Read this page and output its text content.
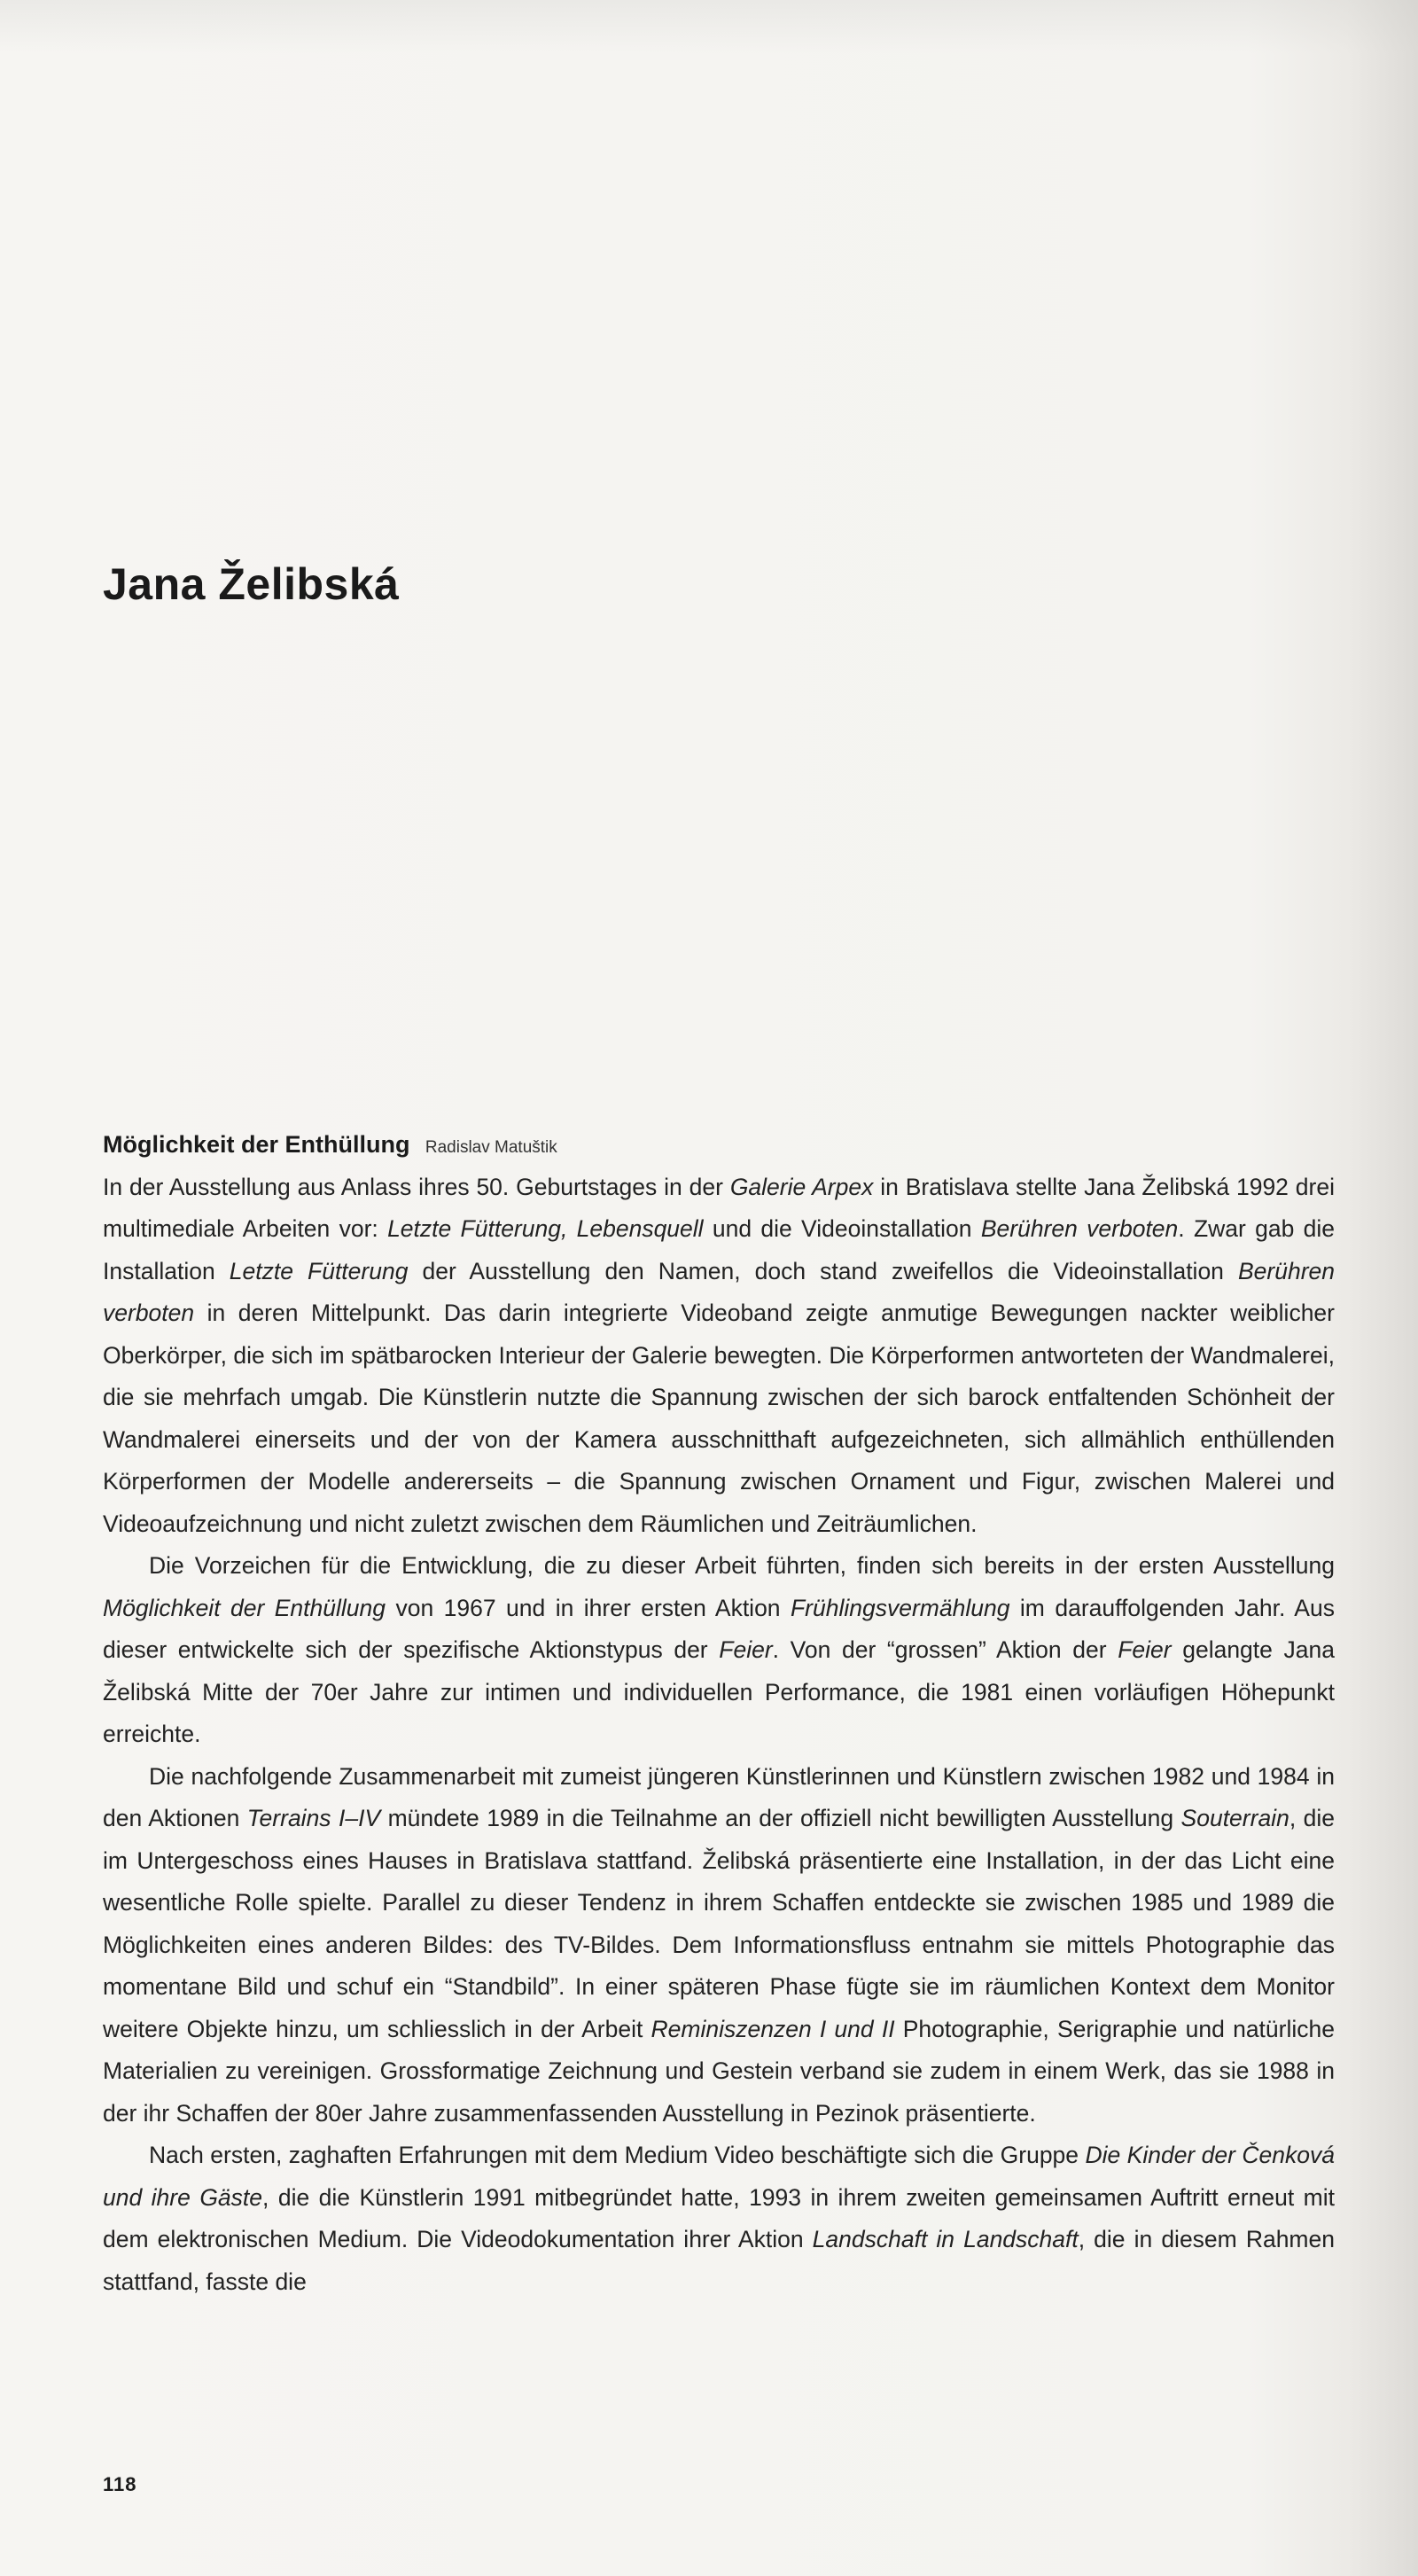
Jana Želibská
Möglichkeit der Enthüllung Radislav Matuštik

In der Ausstellung aus Anlass ihres 50. Geburtstages in der Galerie Arpex in Bratislava stellte Jana Želibská 1992 drei multimediale Arbeiten vor: Letzte Fütterung, Lebensquell und die Videoinstallation Berühren verboten. Zwar gab die Installation Letzte Fütterung der Ausstellung den Namen, doch stand zweifellos die Videoinstallation Berühren verboten in deren Mittelpunkt. Das darin integrierte Videoband zeigte anmutige Bewegungen nackter weiblicher Oberkörper, die sich im spätbarocken Interieur der Galerie bewegten. Die Körperformen antworteten der Wandmalerei, die sie mehrfach umgab. Die Künstlerin nutzte die Spannung zwischen der sich barock entfaltenden Schönheit der Wandmalerei einerseits und der von der Kamera ausschnitthaft aufgezeichneten, sich allmählich enthüllenden Körperformen der Modelle andererseits – die Spannung zwischen Ornament und Figur, zwischen Malerei und Videoaufzeichnung und nicht zuletzt zwischen dem Räumlichen und Zeiträumlichen.

Die Vorzeichen für die Entwicklung, die zu dieser Arbeit führten, finden sich bereits in der ersten Ausstellung Möglichkeit der Enthüllung von 1967 und in ihrer ersten Aktion Frühlingsvermählung im darauffolgenden Jahr. Aus dieser entwickelte sich der spezifische Aktionstypus der Feier. Von der “grossen” Aktion der Feier gelangte Jana Želibská Mitte der 70er Jahre zur intimen und individuellen Performance, die 1981 einen vorläufigen Höhepunkt erreichte.

Die nachfolgende Zusammenarbeit mit zumeist jüngeren Künstlerinnen und Künstlern zwischen 1982 und 1984 in den Aktionen Terrains I–IV mündete 1989 in die Teilnahme an der offiziell nicht bewilligten Ausstellung Souterrain, die im Untergeschoss eines Hauses in Bratislava stattfand. Želibská präsentierte eine Installation, in der das Licht eine wesentliche Rolle spielte. Parallel zu dieser Tendenz in ihrem Schaffen entdeckte sie zwischen 1985 und 1989 die Möglichkeiten eines anderen Bildes: des TV-Bildes. Dem Informationsfluss entnahm sie mittels Photographie das momentane Bild und schuf ein “Standbild”. In einer späteren Phase fügte sie im räumlichen Kontext dem Monitor weitere Objekte hinzu, um schliesslich in der Arbeit Reminiszenzen I und II Photographie, Serigraphie und natürliche Materialien zu vereinigen. Grossformatige Zeichnung und Gestein verband sie zudem in einem Werk, das sie 1988 in der ihr Schaffen der 80er Jahre zusammenfassenden Ausstellung in Pezinok präsentierte.

Nach ersten, zaghaften Erfahrungen mit dem Medium Video beschäftigte sich die Gruppe Die Kinder der Čenková und ihre Gäste, die die Künstlerin 1991 mitbegründet hatte, 1993 in ihrem zweiten gemeinsamen Auftritt erneut mit dem elektronischen Medium. Die Videodokumentation ihrer Aktion Landschaft in Landschaft, die in diesem Rahmen stattfand, fasste die

118
